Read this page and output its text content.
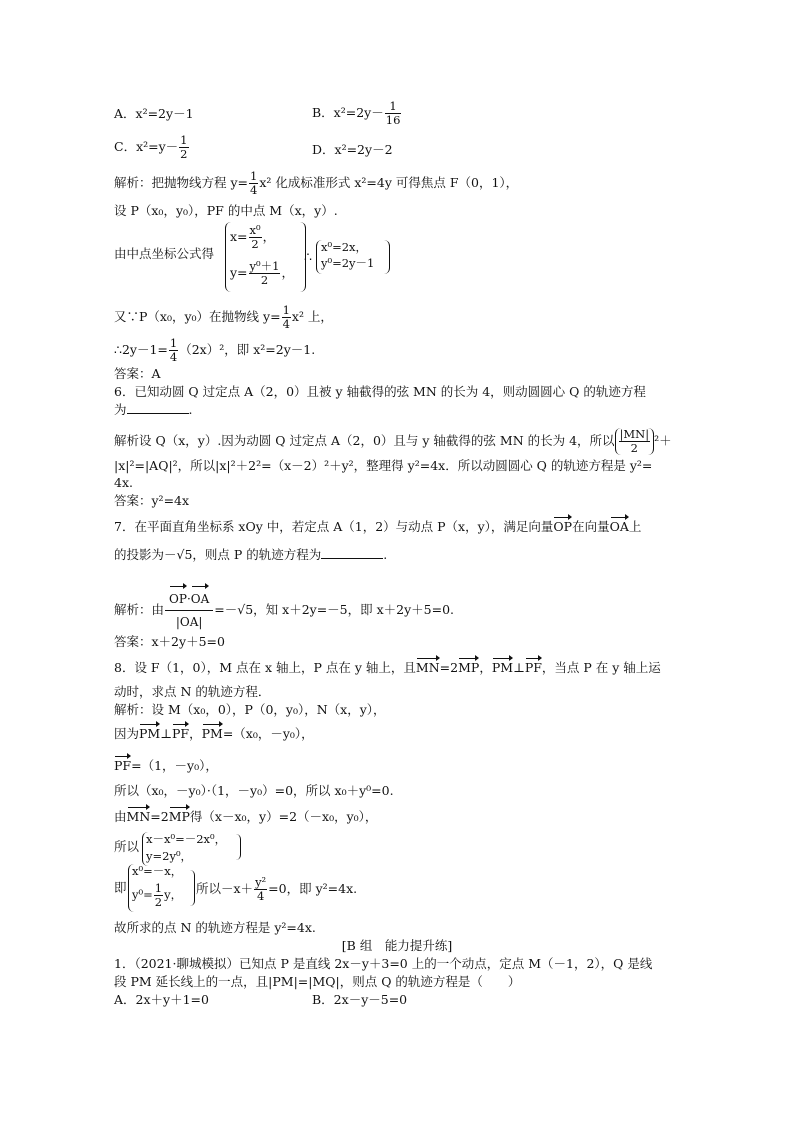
A．x²=2y－1	B．$x^2=2y- \frac{1}{16}$
C．$x^2=y- \frac{1}{2}$	D．x²=2y－2
解析：把抛物线方程 $y= \frac{1}{4} x^2$ 化成标准形式 x²=4y 可得焦点 F（0，1），
设 P（x₀，y₀），PF 的中点 M（x，y）.
由中点坐标公式得
$x= \frac{\text{x⁰}}{2}$ ，
$y= \frac{\text{y⁰＋1}}{2}$ ，
∴
x⁰=2x，
y⁰=2y－1
又∵P（x₀，y₀）在抛物线 $y= \frac{1}{4} x^2$ 上，
∴2y－1= $\frac{1}{4} (2x)^2$，即 x²=2y－1.
答案：A
6．已知动圆 Q 过定点 A（2，0）且被 y 轴截得的弦 MN 的长为 4，则动圆圆心 Q 的轨迹方程
为	.
解析设 Q（x，y）.因为动圆 Q 过定点 A（2，0）且与 y 轴截得的弦 MN 的长为 4，所以 $\frac{|MN|}{2} ^2+$
|x|²=|AQ|²，所以|x|²＋2²=（x－2）²＋y²，整理得 y²=4x．所以动圆圆心 Q 的轨迹方程是 y²=
4x.
答案：y²=4x
7．在平面直角坐标系 xOy 中，若定点 A（1，2）与动点 P（x，y），满足向量OP在向量OA上
的投影为－√5，则点 P 的轨迹方程为	.
解析：由 $\frac{OP\cdot OA}{|OA|} =-√5$，知 x＋2y=－5，即 x＋2y＋5=0.
答案：x＋2y＋5=0
8．设 F（1，0），M 点在 x 轴上，P 点在 y 轴上，且MN=2MP，PM⊥PF，当点 P 在 y 轴上运
动时，求点 N 的轨迹方程．
解析：设 M（x₀，0），P（0，y₀），N（x，y），
因为PM⊥PF，PM=（x₀，－y₀），
PF=（1，－y₀），
所以（x₀，－y₀）·（1，－y₀）=0，所以 x₀＋y⁰=0.
由MN=2MP得（x－x₀，y）=2（－x₀，y₀），
所以 x－x⁰=－2x⁰，
y=2y⁰，
即
x⁰=－x，
$y^0= \frac{1}{2}$ y， 所以$-x+ \frac{\text{y²}}{4} =0$，即 y²=4x.
故所求的点 N 的轨迹方程是 y²=4x.
[B 组　能力提升练]
1．（2021·聊城模拟）已知点 P 是直线 2x－y＋3=0 上的一个动点，定点 M（－1，2），Q 是线
段 PM 延长线上的一点，且|PM|=|MQ|，则点 Q 的轨迹方程是（　　）
A．2x＋y＋1=0	B．2x－y－5=0
